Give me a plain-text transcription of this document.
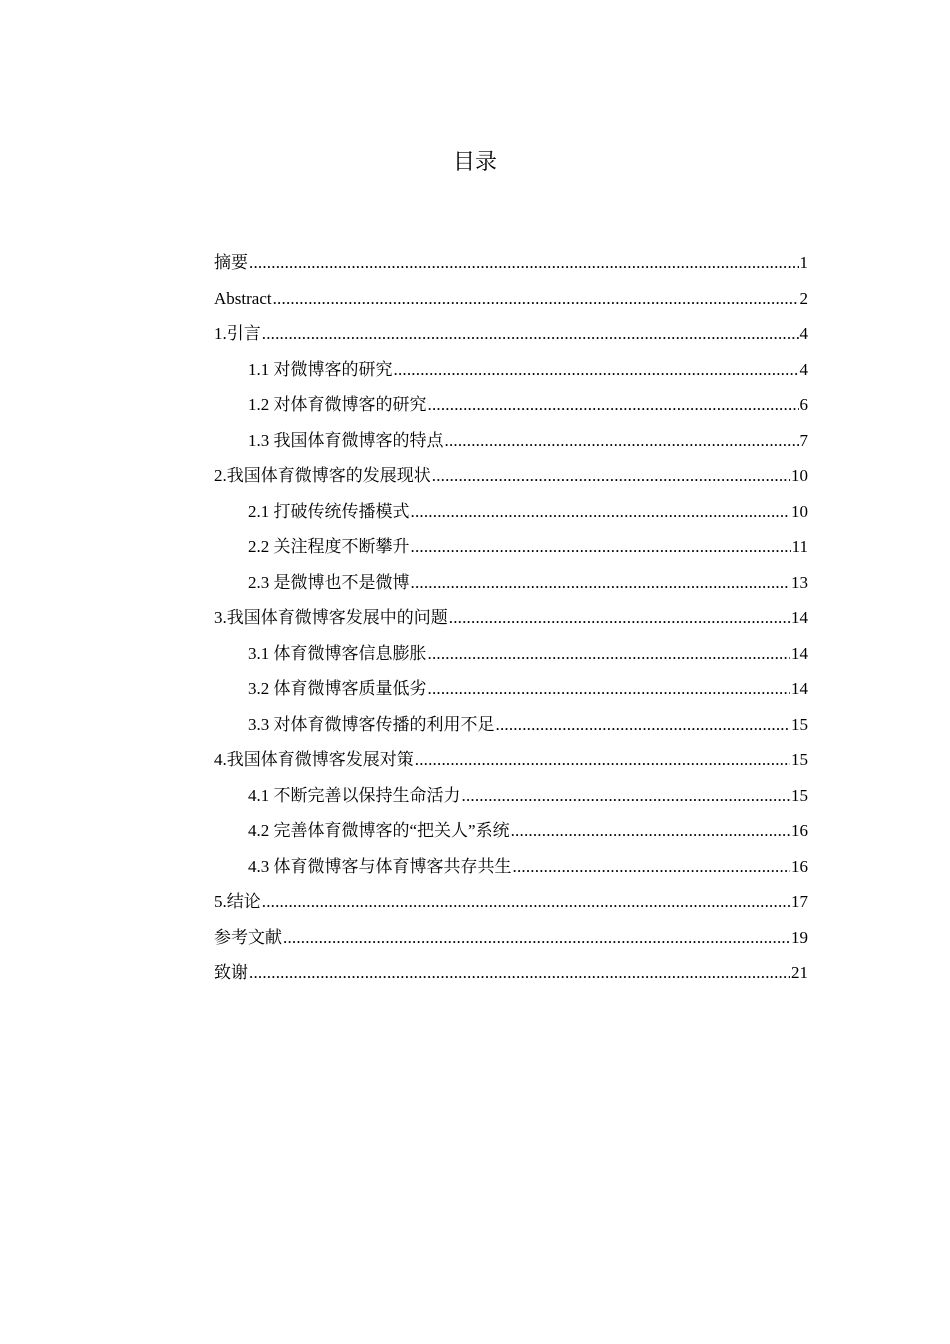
目录
摘要 .....	1
Abstract .....	2
1.引言 .....	4
1.1 对微博客的研究 .....	4
1.2 对体育微博客的研究 .....	6
1.3 我国体育微博客的特点 .....	7
2.我国体育微博客的发展现状 .....	10
2.1 打破传统传播模式 .....	10
2.2 关注程度不断攀升 .....	11
2.3 是微博也不是微博 .....	13
3.我国体育微博客发展中的问题 .....	14
3.1 体育微博客信息膨胀 .....	14
3.2 体育微博客质量低劣 .....	14
3.3 对体育微博客传播的利用不足 .....	15
4.我国体育微博客发展对策 .....	15
4.1 不断完善以保持生命活力 .....	15
4.2 完善体育微博客的“把关人”系统 .....	16
4.3 体育微博客与体育博客共存共生 .....	16
5.结论 .....	17
参考文献 .....	19
致谢 .....	21
